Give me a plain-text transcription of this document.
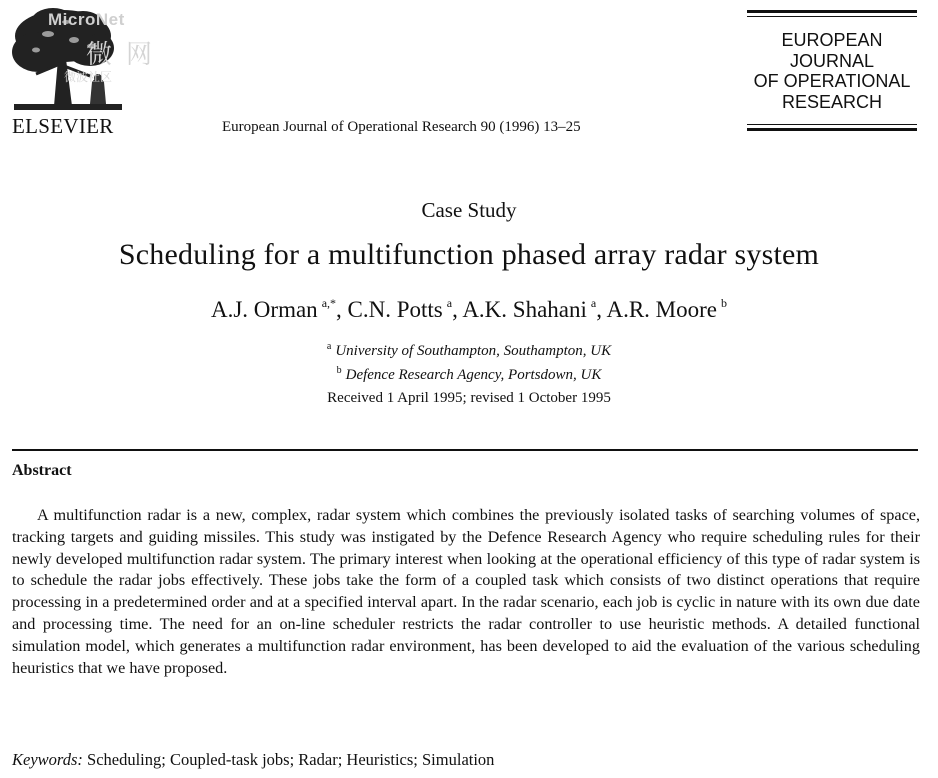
MicroNet
微网
微波社区
ELSEVIER	European Journal of Operational Research 90 (1996) 13–25
EUROPEAN
JOURNAL
OF OPERATIONAL
RESEARCH
Case Study
Scheduling for a multifunction phased array radar system
A.J. Orman $^{a,*}$, C.N. Potts $^a$, A.K. Shahani $^a$, A.R. Moore $^b$
$^a$ University of Southampton, Southampton, UK
$^b$ Defence Research Agency, Portsdown, UK
Received 1 April 1995; revised 1 October 1995
Abstract
A multifunction radar is a new, complex, radar system which combines the previously isolated tasks of searching volumes of space, tracking targets and guiding missiles. This study was instigated by the Defence Research Agency who require scheduling rules for their newly developed multifunction radar system. The primary interest when looking at the operational efficiency of this type of radar system is to schedule the radar jobs effectively. These jobs take the form of a coupled task which consists of two distinct operations that require processing in a predetermined order and at a specified interval apart. In the radar scenario, each job is cyclic in nature with its own due date and processing time. The need for an on-line scheduler restricts the radar controller to use heuristic methods. A detailed functional simulation model, which generates a multifunction radar environment, has been developed to aid the evaluation of the various scheduling heuristics that we have proposed.
Keywords: Scheduling; Coupled-task jobs; Radar; Heuristics; Simulation
